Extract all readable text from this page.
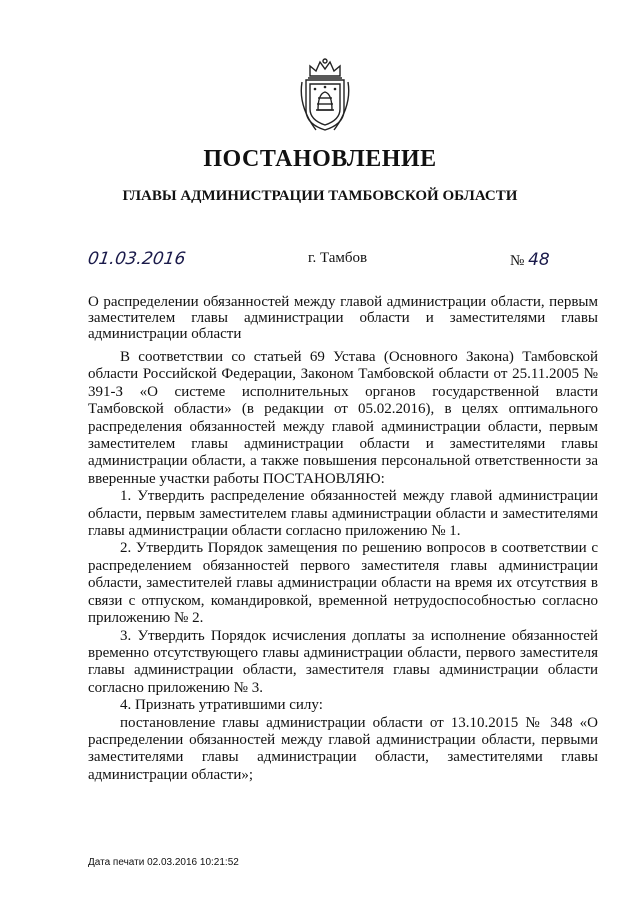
ПОСТАНОВЛЕНИЕ
ГЛАВЫ АДМИНИСТРАЦИИ ТАМБОВСКОЙ ОБЛАСТИ
01.03.2016	г. Тамбов	№ 48
О распределении обязанностей между главой администрации области, первым заместителем главы администрации области и заместителями главы администрации области

В соответствии со статьей 69 Устава (Основного Закона) Тамбовской области Российской Федерации, Законом Тамбовской области от 25.11.2005 № 391-З «О системе исполнительных органов государственной власти Тамбовской области» (в редакции от 05.02.2016), в целях оптимального распределения обязанностей между главой администрации области, первым заместителем главы администрации области и заместителями главы администрации области, а также повышения персональной ответственности за вверенные участки работы ПОСТАНОВЛЯЮ:

1. Утвердить распределение обязанностей между главой администрации области, первым заместителем главы администрации области и заместителями главы администрации области согласно приложению № 1.

2. Утвердить Порядок замещения по решению вопросов в соответствии с распределением обязанностей первого заместителя главы администрации области, заместителей главы администрации области на время их отсутствия в связи с отпуском, командировкой, временной нетрудоспособностью согласно приложению № 2.

3. Утвердить Порядок исчисления доплаты за исполнение обязанностей временно отсутствующего главы администрации области, первого заместителя главы администрации области, заместителя главы администрации области согласно приложению № 3.

4. Признать утратившими силу:

постановление главы администрации области от 13.10.2015 № 348 «О распределении обязанностей между главой администрации области, первыми заместителями главы администрации области, заместителями главы администрации области»;

Дата печати 02.03.2016 10:21:52
